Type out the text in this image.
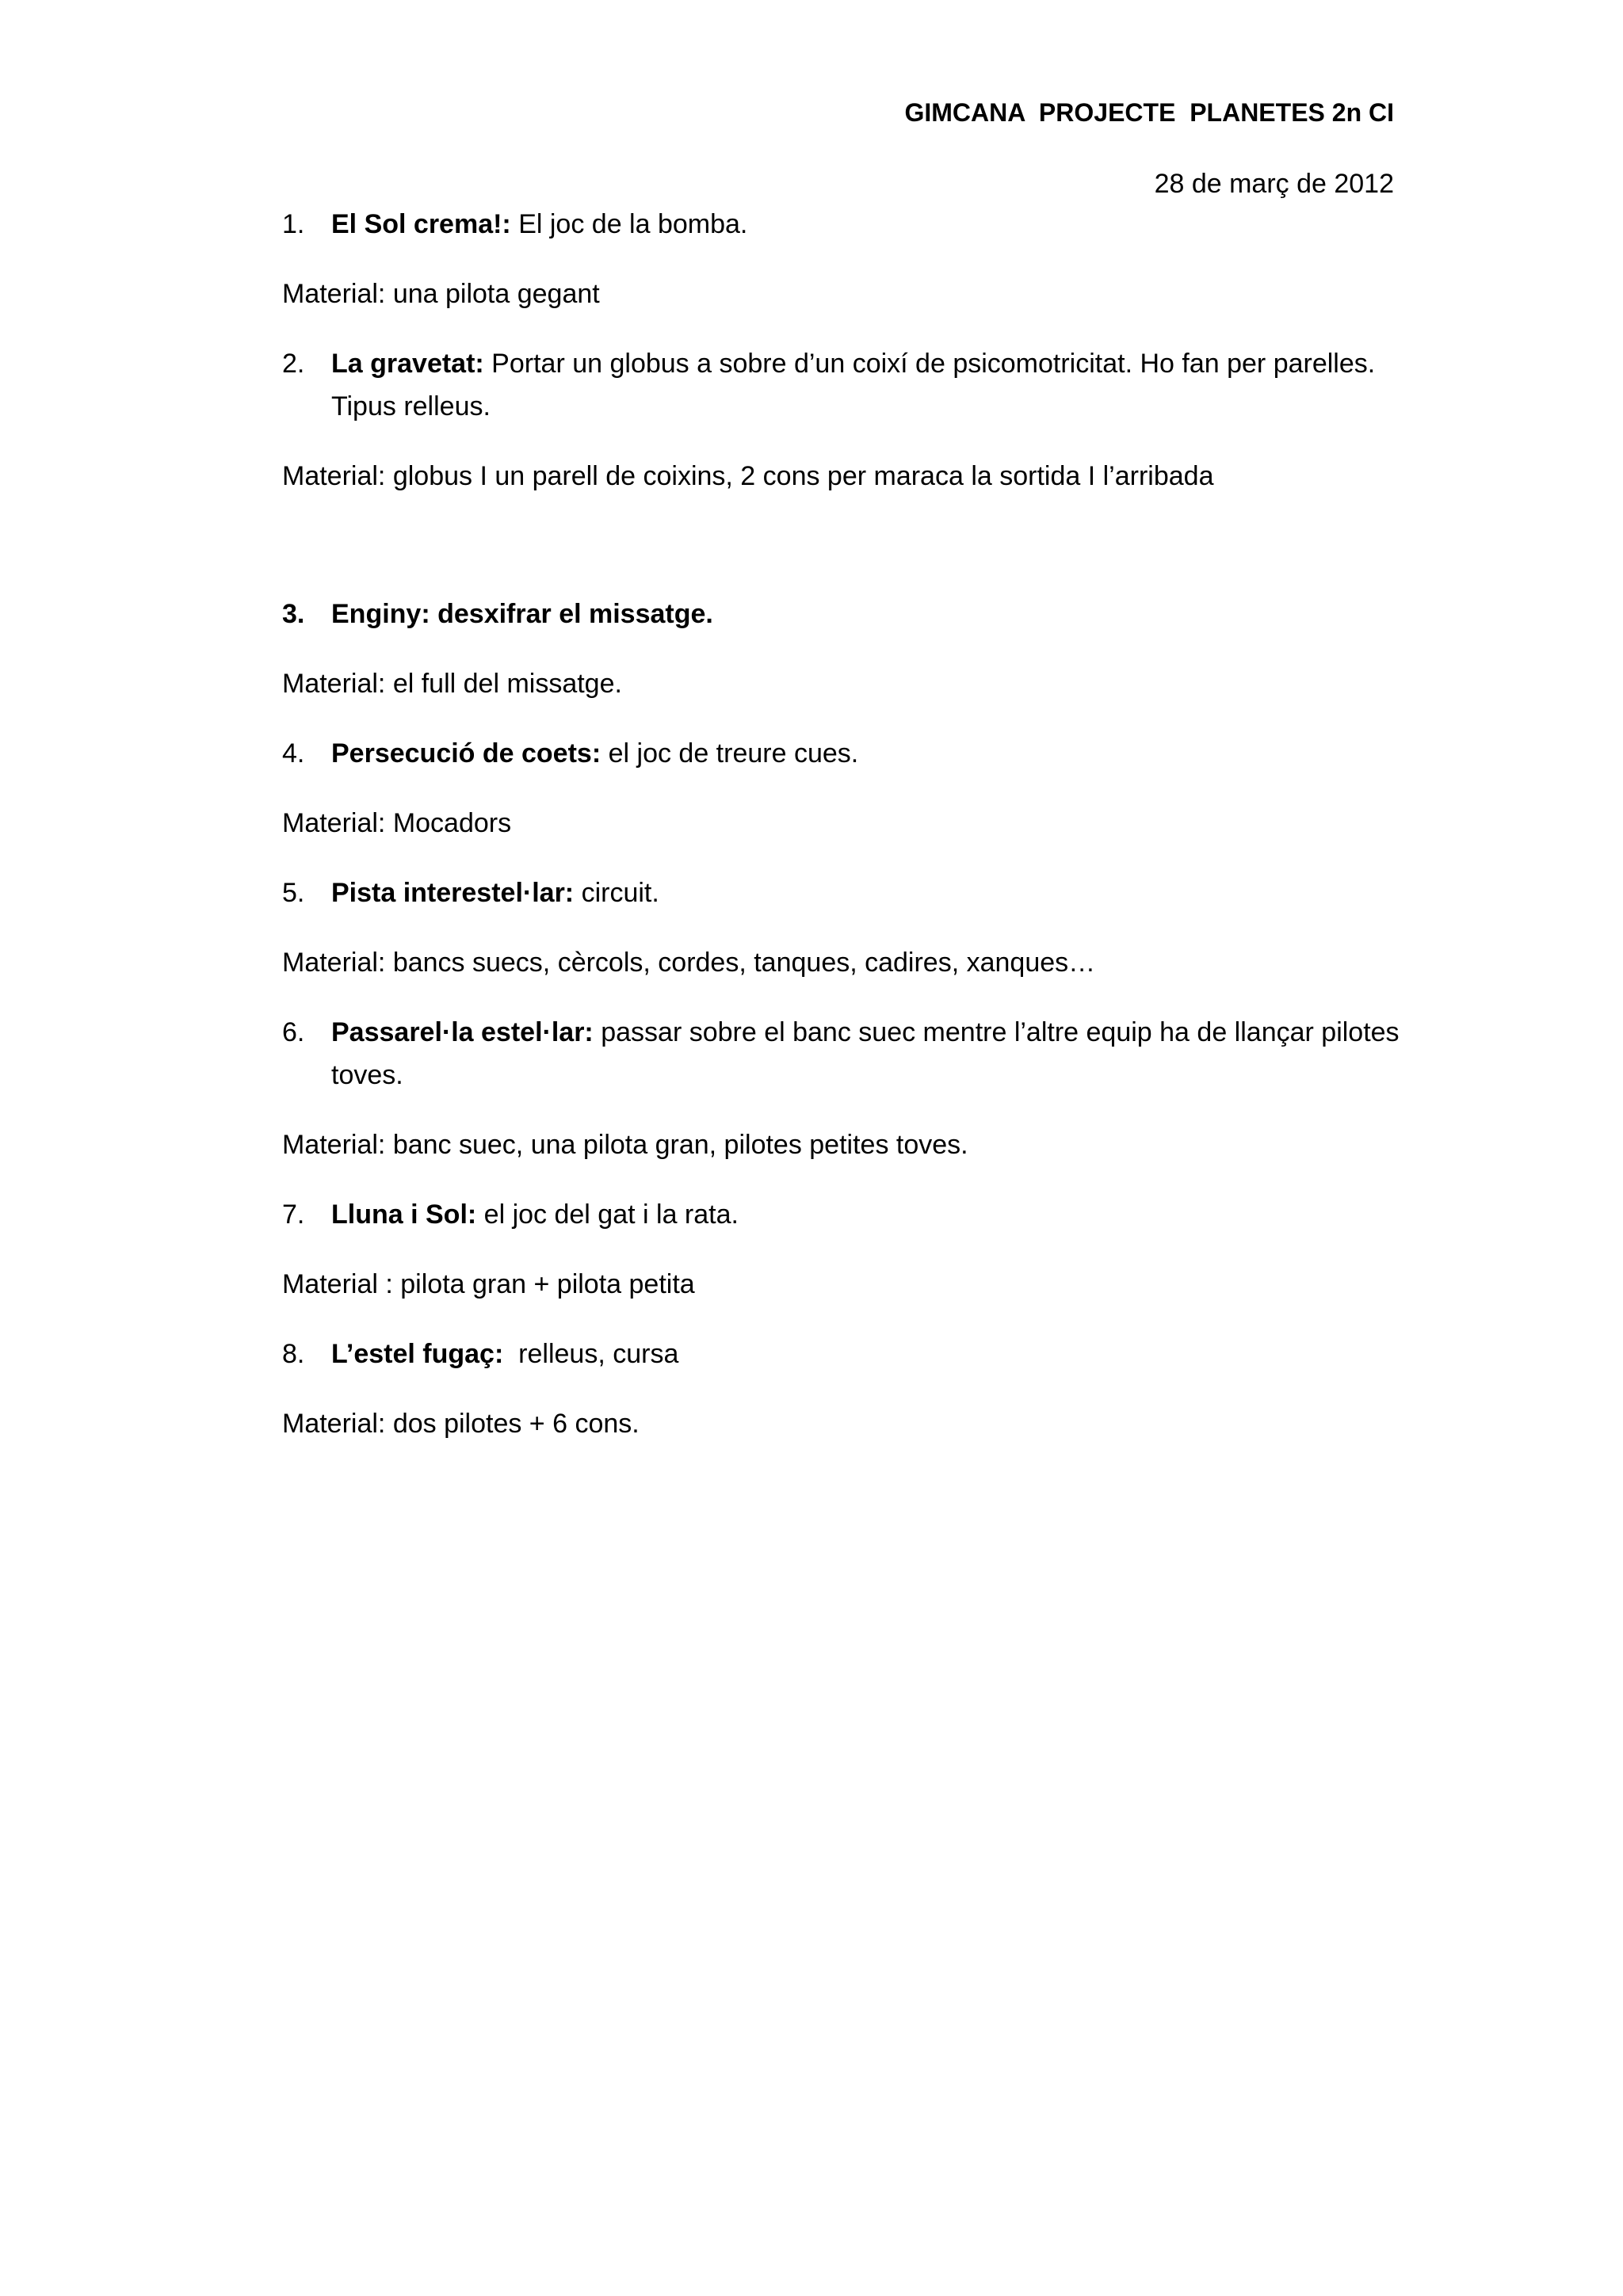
GIMCANA  PROJECTE  PLANETES 2n CI
28 de març de 2012
1. El Sol crema!: El joc de la bomba.
Material: una pilota gegant
2. La gravetat: Portar un globus a sobre d’un coixí de psicomotricitat. Ho fan per parelles. Tipus relleus.
Material: globus I un parell de coixins, 2 cons per maraca la sortida I l’arribada
3. Enginy: desxifrar el missatge.
Material: el full del missatge.
4. Persecució de coets: el joc de treure cues.
Material: Mocadors
5. Pista interestel·lar: circuit.
Material: bancs suecs, cèrcols, cordes, tanques, cadires, xanques…
6. Passarel·la estel·lar: passar sobre el banc suec mentre l’altre equip ha de llançar pilotes toves.
Material: banc suec, una pilota gran, pilotes petites toves.
7. Lluna i Sol: el joc del gat i la rata.
Material : pilota gran + pilota petita
8. L’estel fugaç:  relleus, cursa
Material: dos pilotes + 6 cons.
